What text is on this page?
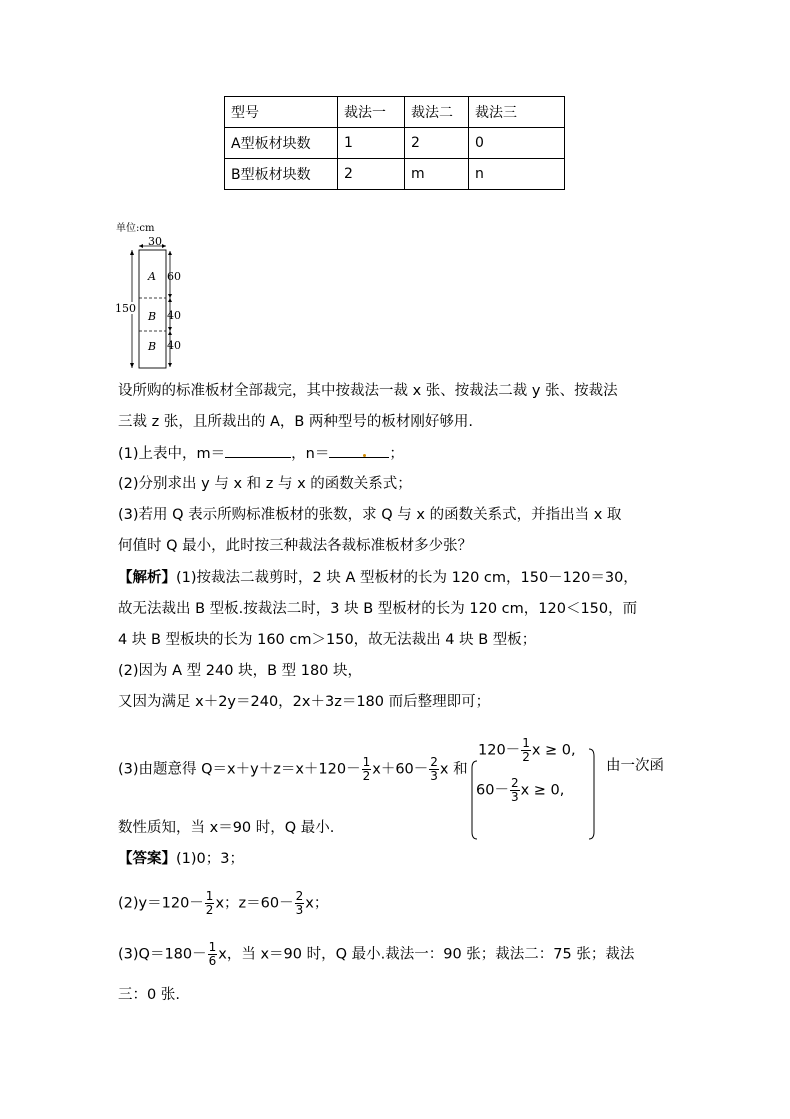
型号	裁法一	裁法二	裁法三
A型板材块数	1	2	0
B型板材块数	2	m	n
单位:cm
30
A
B
B
150
60
40
40
设所购的标准板材全部裁完，其中按裁法一裁 x 张、按裁法二裁 y 张、按裁法
三裁 z 张，且所裁出的 A，B 两种型号的板材刚好够用.
(1)上表中，m＝	，n＝	；
(2)分别求出 y 与 x 和 z 与 x 的函数关系式；
(3)若用 Q 表示所购标准板材的张数，求 Q 与 x 的函数关系式，并指出当 x 取
何值时 Q 最小，此时按三种裁法各裁标准板材多少张？
【解析】(1)按裁法二裁剪时，2 块 A 型板材的长为 120 cm，150－120＝30，
故无法裁出 B 型板.按裁法二时，3 块 B 型板材的长为 120 cm，120＜150，而
4 块 B 型板块的长为 160 cm＞150，故无法裁出 4 块 B 型板；
(2)因为 A 型 240 块，B 型 180 块，
又因为满足 x＋2y＝240，2x＋3z＝180 而后整理即可；
(3)由题意得 $Q=x+y+z=x+120- \frac{1}{2} x+60- \frac{2}{3}$ x 和
$120- \frac{1}{2}$ x ≥ 0,
$60- \frac{2}{3}$ x ≥ 0,
由一次函
数性质知，当 x＝90 时，Q 最小.
【答案】(1)0；3；
$(2)y=120- \frac{1}{2}$ x；$z=60- \frac{2}{3}$ x；
$(3)Q=180- \frac{1}{6}$ x，当 x＝90 时，Q 最小.裁法一：90 张；裁法二：75 张；裁法
三：0 张.
